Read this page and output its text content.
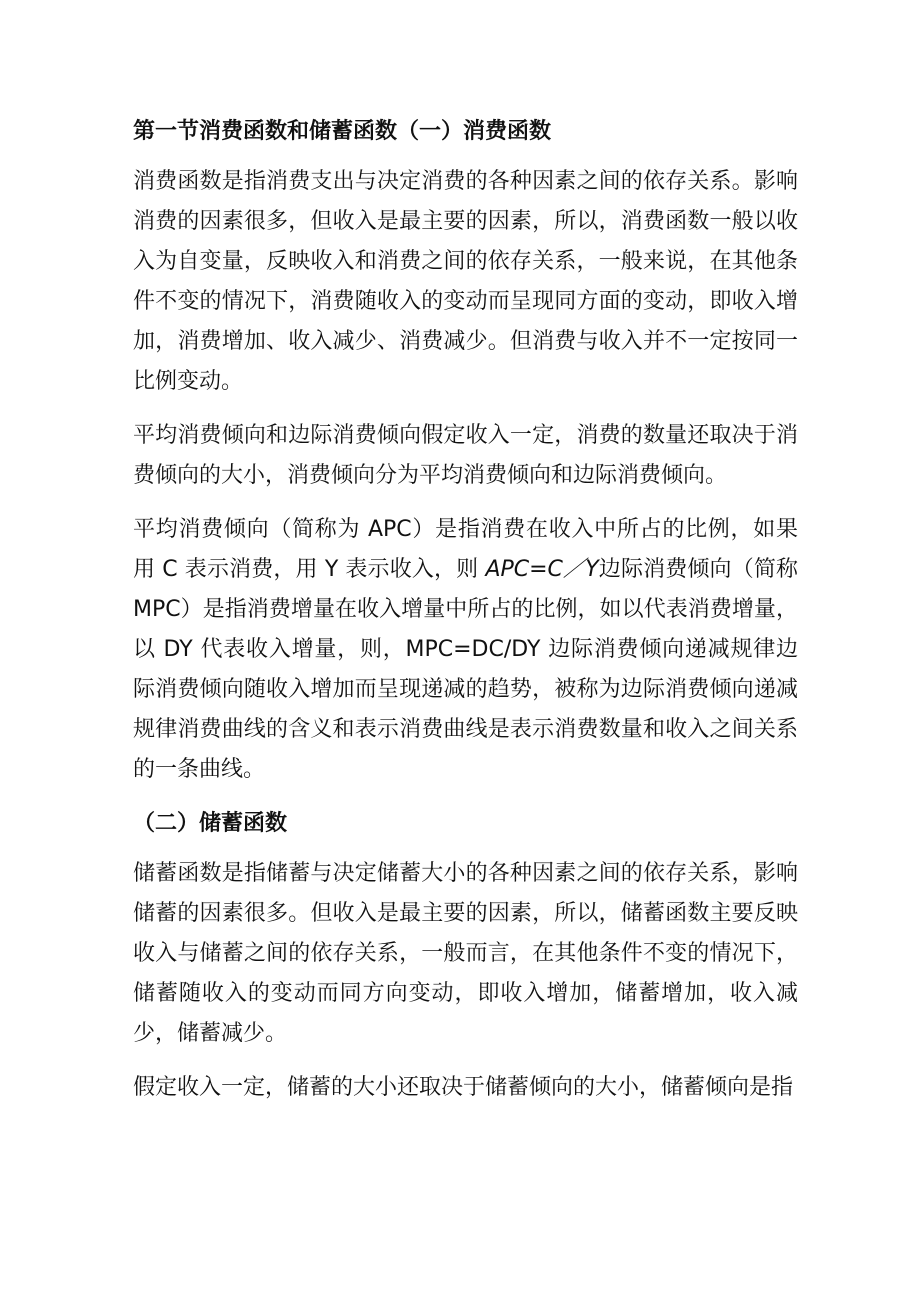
第一节消费函数和储蓄函数（一）消费函数
消费函数是指消费支出与决定消费的各种因素之间的依存关系。影响消费的因素很多，但收入是最主要的因素，所以，消费函数一般以收入为自变量，反映收入和消费之间的依存关系，一般来说，在其他条件不变的情况下，消费随收入的变动而呈现同方面的变动，即收入增加，消费增加、收入减少、消费减少。但消费与收入并不一定按同一比例变动。
平均消费倾向和边际消费倾向假定收入一定，消费的数量还取决于消费倾向的大小，消费倾向分为平均消费倾向和边际消费倾向。
平均消费倾向（简称为 APC）是指消费在收入中所占的比例，如果用 C 表示消费，用 Y 表示收入，则 APC=C／Y边际消费倾向（简称 MPC）是指消费增量在收入增量中所占的比例，如以代表消费增量，以 DY 代表收入增量，则，MPC=DC/DY 边际消费倾向递减规律边际消费倾向随收入增加而呈现递减的趋势，被称为边际消费倾向递减规律消费曲线的含义和表示消费曲线是表示消费数量和收入之间关系的一条曲线。
（二）储蓄函数
储蓄函数是指储蓄与决定储蓄大小的各种因素之间的依存关系，影响储蓄的因素很多。但收入是最主要的因素，所以，储蓄函数主要反映收入与储蓄之间的依存关系，一般而言，在其他条件不变的情况下，储蓄随收入的变动而同方向变动，即收入增加，储蓄增加，收入减少，储蓄减少。
假定收入一定，储蓄的大小还取决于储蓄倾向的大小，储蓄倾向是指
